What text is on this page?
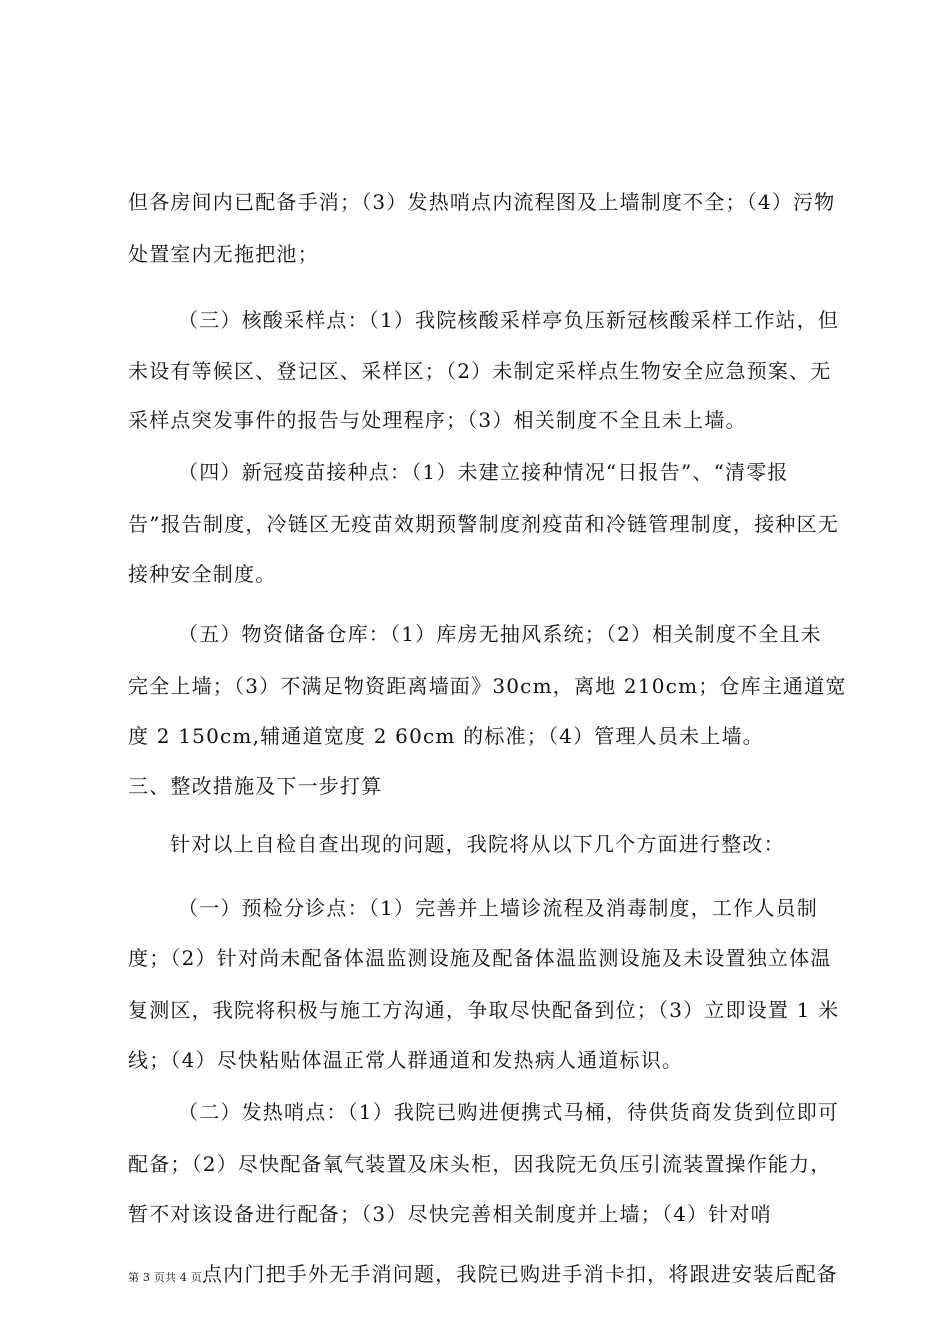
但各房间内已配备手消；（3）发热哨点内流程图及上墙制度不全；（4）污物
处置室内无拖把池；
（三）核酸采样点：（1）我院核酸采样亭负压新冠核酸采样工作站，但
未设有等候区、登记区、采样区；（2）未制定采样点生物安全应急预案、无
采样点突发事件的报告与处理程序；（3）相关制度不全且未上墙。
（四）新冠疫苗接种点：（1）未建立接种情况“日报告”、“清零报
告”报告制度，冷链区无疫苗效期预警制度剂疫苗和冷链管理制度，接种区无
接种安全制度。
（五）物资储备仓库：（1）库房无抽风系统；（2）相关制度不全且未
完全上墙；（3）不满足物资距离墙面》30cm，离地 210cm；仓库主通道宽
度 2 150cm,辅通道宽度 2 60cm 的标准；（4）管理人员未上墙。
三、整改措施及下一步打算
针对以上自检自查出现的问题，我院将从以下几个方面进行整改：
（一）预检分诊点：（1）完善并上墙诊流程及消毒制度，工作人员制
度；（2）针对尚未配备体温监测设施及配备体温监测设施及未设置独立体温
复测区，我院将积极与施工方沟通，争取尽快配备到位；（3）立即设置 1 米
线；（4）尽快粘贴体温正常人群通道和发热病人通道标识。
（二）发热哨点：（1）我院已购进便携式马桶，待供货商发货到位即可
配备；（2）尽快配备氧气装置及床头柜，因我院无负压引流装置操作能力，
暂不对该设备进行配备；（3）尽快完善相关制度并上墙；（4）针对哨
第 3 页共 4 页点内门把手外无手消问题，我院已购进手消卡扣，将跟进安装后配备
